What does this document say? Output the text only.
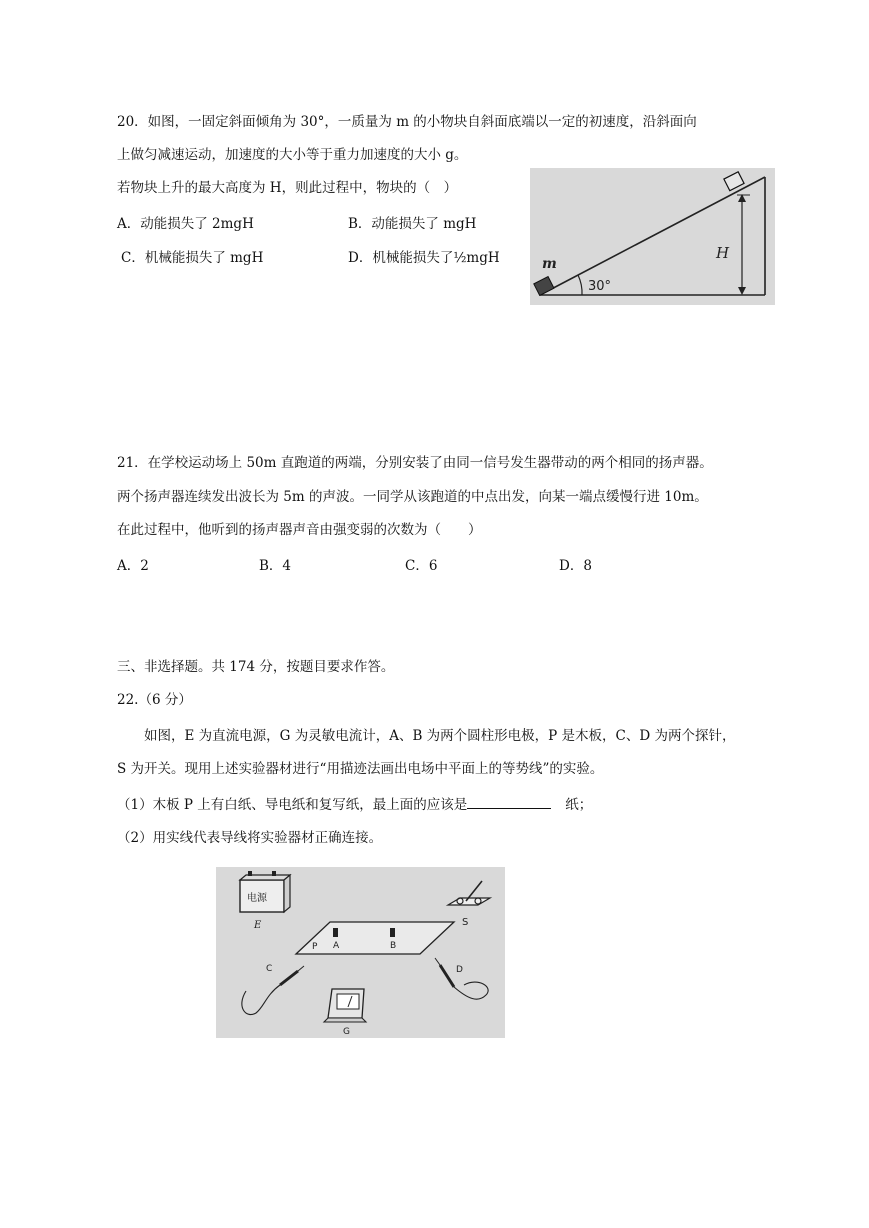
20．如图，一固定斜面倾角为 30°，一质量为 m 的小物块自斜面底端以一定的初速度，沿斜面向
上做匀减速运动，加速度的大小等于重力加速度的大小 g。
若物块上升的最大高度为 H，则此过程中，物块的（　）
A．动能损失了 2mgH	B．动能损失了 mgH
C．机械能损失了 mgH	D．机械能损失了½mgH	m
H
30°
21．在学校运动场上 50m 直跑道的两端，分别安装了由同一信号发生器带动的两个相同的扬声器。
两个扬声器连续发出波长为 5m 的声波。一同学从该跑道的中点出发，向某一端点缓慢行进 10m。
在此过程中，他听到的扬声器声音由强变弱的次数为（　　）
A．2	B．4	C．6	D．8
三、非选择题。共 174 分，按题目要求作答。
22.（6 分）
如图，E 为直流电源，G 为灵敏电流计，A、B 为两个圆柱形电极，P 是木板，C、D 为两个探针，
S 为开关。现用上述实验器材进行“用描迹法画出电场中平面上的等势线”的实验。
（1）木板 P 上有白纸、导电纸和复写纸，最上面的应该是	纸；
（2）用实线代表导线将实验器材正确连接。
电源
E	S
P A	B
C	D
G
